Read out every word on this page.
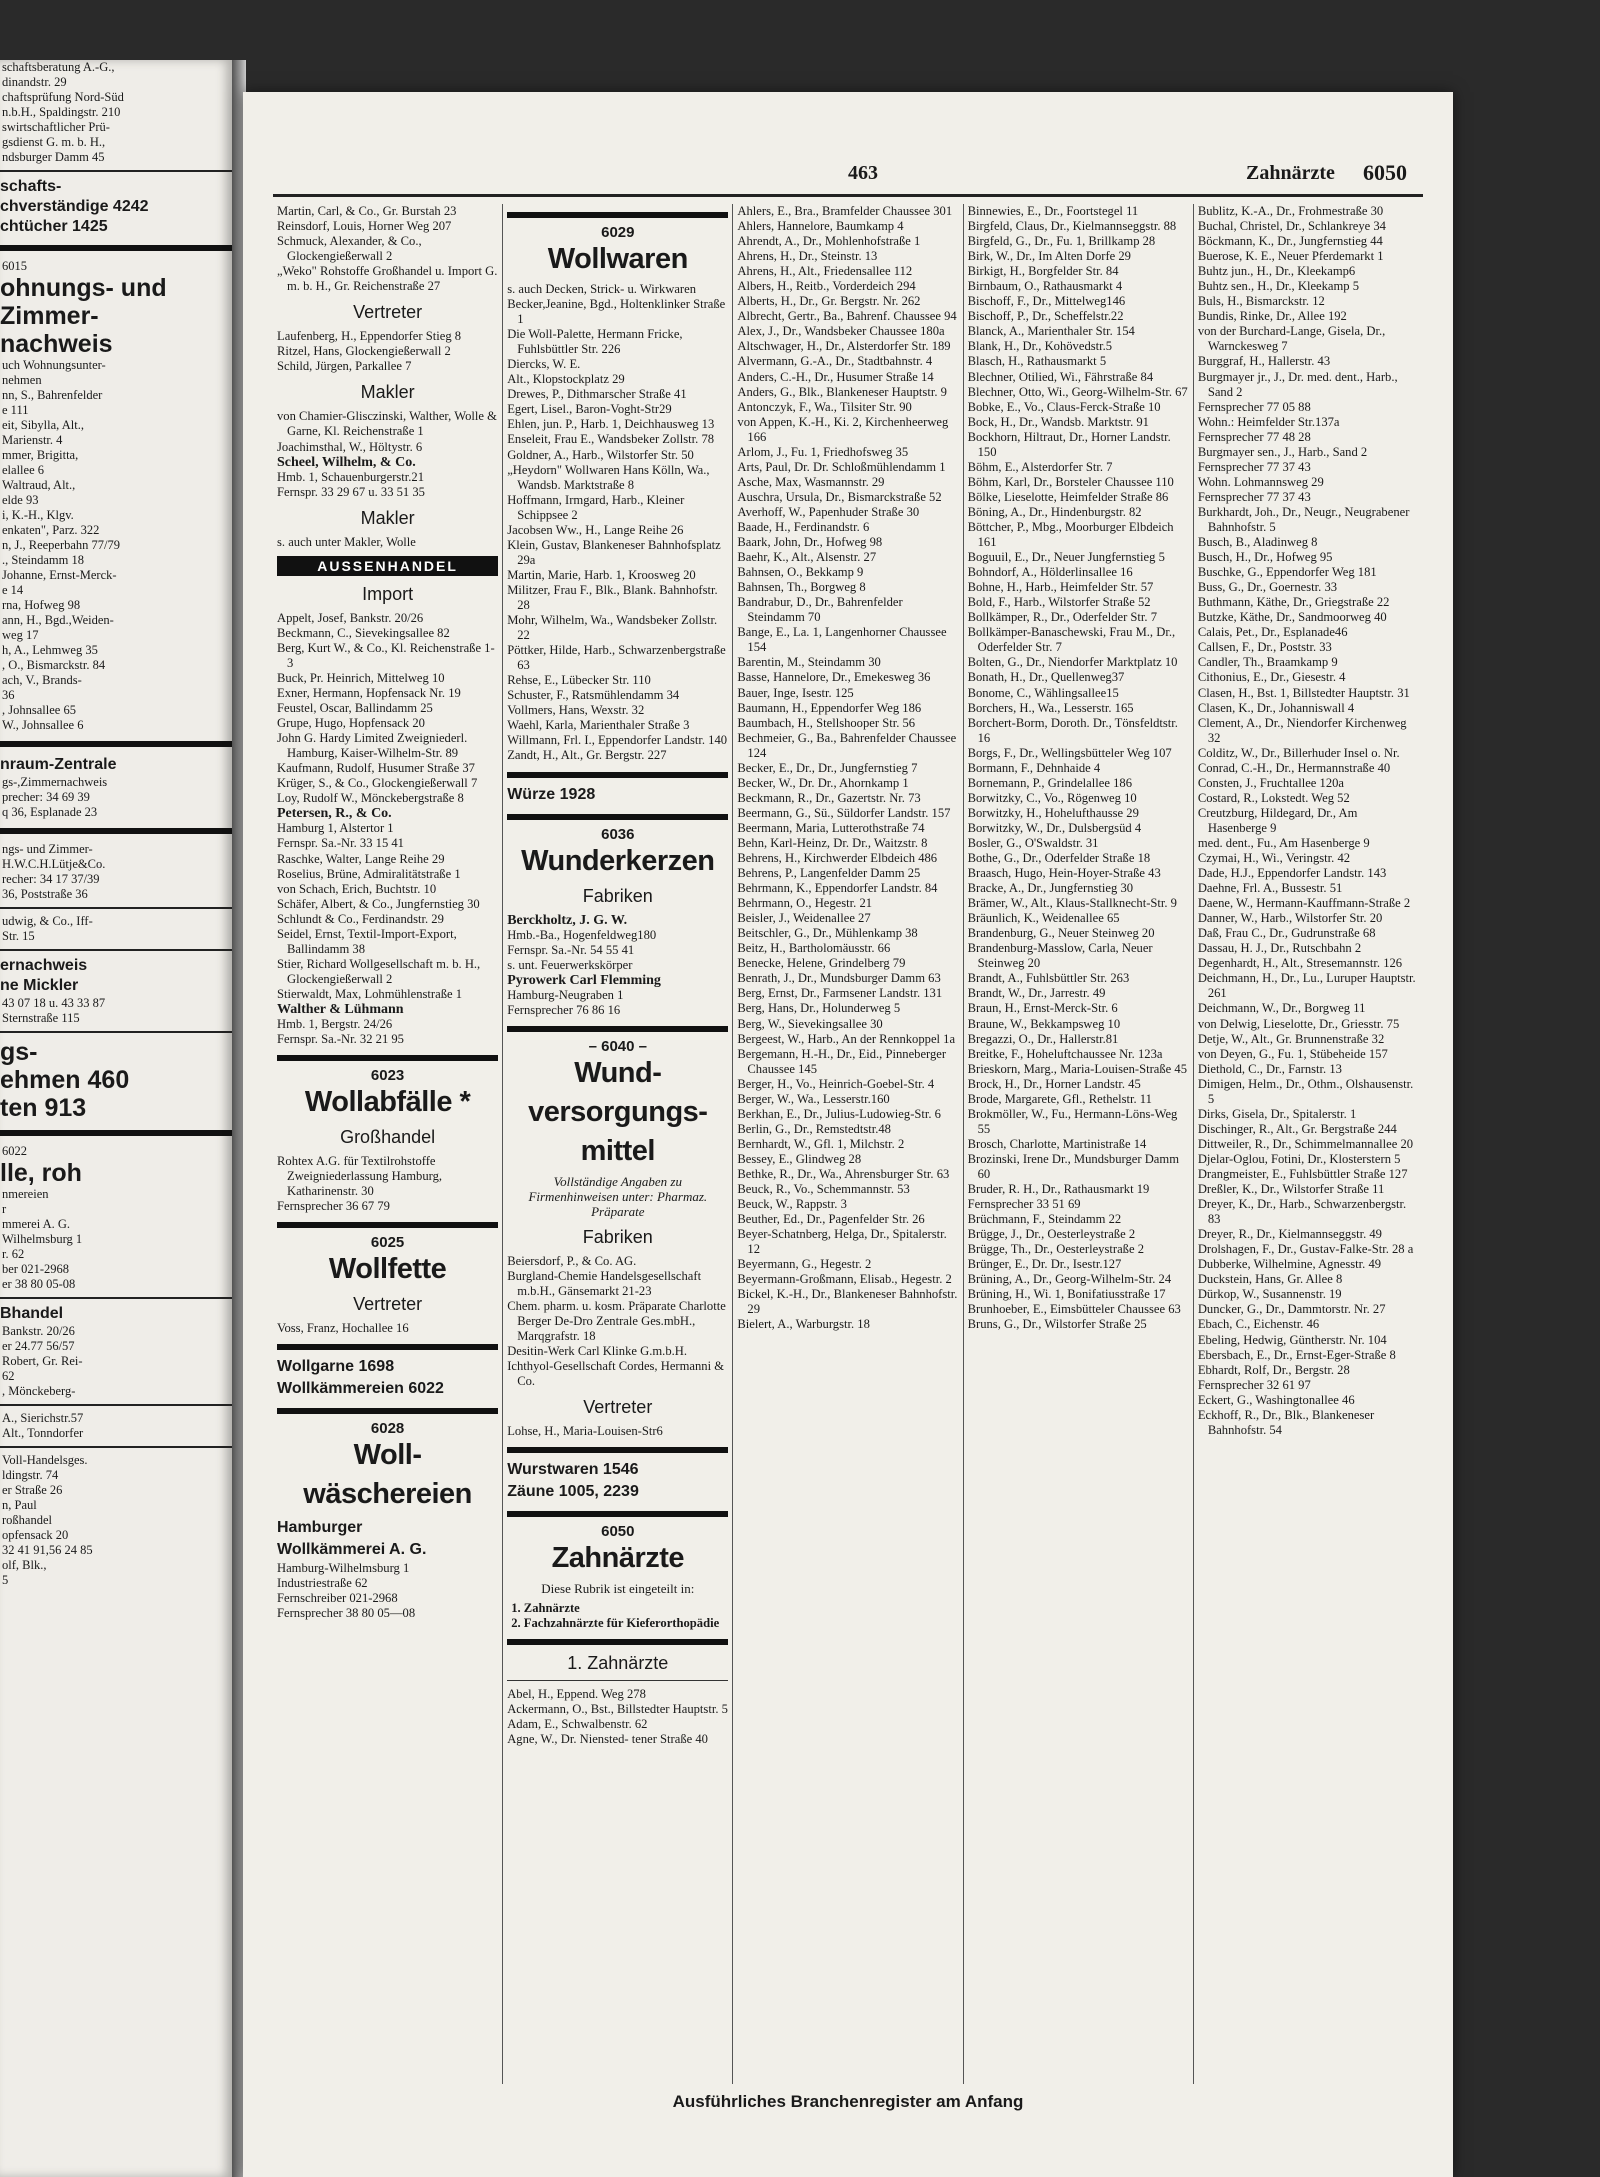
schaftsberatung A.-G.,
dinandstr. 29
chaftsprüfung Nord-Süd
n.b.H., Spaldingstr. 210
swirtschaftlicher Prü-
gsdienst G. m. b. H.,
ndsburger Damm 45
schafts-
chverständige 4242
chtücher 1425
6015
ohnungs- und
Zimmer-
nachweis
uch Wohnungsunter-
nehmen
nn, S., Bahrenfelder
e 111
eit, Sibylla, Alt.,
Marienstr. 4
mmer, Brigitta,
elallee 6
Waltraud, Alt.,
elde 93
i, K.-H., Klgv.
enkaten", Parz. 322
n, J., Reeperbahn 77/79
., Steindamm 18
Johanne, Ernst-Merck-
e 14
rna, Hofweg 98
ann, H., Bgd.,Weiden-
weg 17
h, A., Lehmweg 35
, O., Bismarckstr. 84
ach, V., Brands-
36
, Johnsallee 65
W., Johnsallee 6
nraum-Zentrale
gs-,Zimmernachweis
precher: 34 69 39
q 36, Esplanade 23
ngs- und Zimmer-
H.W.C.H.Lütje&Co.
recher: 34 17 37/39
36, Poststraße 36
udwig, & Co., Iff-
Str. 15
ernachweis
ne Mickler
43 07 18 u. 43 33 87
Sternstraße 115
gs-
ehmen 460
ten 913
6022
lle, roh
nmereien
r
mmerei A. G.
Wilhelmsburg 1
r. 62
ber 021-2968
er 38 80 05-08
Bhandel
Bankstr. 20/26
er 24.77 56/57
Robert, Gr. Rei-
62
, Mönckeberg-
A., Sierichstr.57
Alt., Tonndorfer
Voll-Handelsges.
ldingstr. 74
er Straße 26
n, Paul
roßhandel
opfensack 20
32 41 91,56 24 85
olf, Blk.,
5
463	Zahnärzte 6050
Martin, Carl, & Co., Gr. Burstah 23
Reinsdorf, Louis, Horner Weg 207
Schmuck, Alexander, & Co., Glockengießerwall 2
„Weko" Rohstoffe Großhandel u. Import G. m. b. H., Gr. Reichenstraße 27
Vertreter
Laufenberg, H., Eppendorfer Stieg 8
Ritzel, Hans, Glockengießerwall 2
Schild, Jürgen, Parkallee 7
Makler
von Chamier-Glisczinski, Walther, Wolle & Garne, Kl. Reichenstraße 1
Joachimsthal, W., Höltystr. 6
Scheel, Wilhelm, & Co.
Hmb. 1, Schauenburgerstr.21
Fernspr. 33 29 67 u. 33 51 35
Makler
s. auch unter Makler, Wolle
AUSSENHANDEL
Import
Appelt, Josef, Bankstr. 20/26
Beckmann, C., Sievekingsallee 82
Berg, Kurt W., & Co., Kl. Reichenstraße 1-3
Buck, Pr. Heinrich, Mittelweg 10
Exner, Hermann, Hopfensack Nr. 19
Feustel, Oscar, Ballindamm 25
Grupe, Hugo, Hopfensack 20
John G. Hardy Limited Zweigniederl. Hamburg, Kaiser-Wilhelm-Str. 89
Kaufmann, Rudolf, Husumer Straße 37
Krüger, S., & Co., Glockengießerwall 7
Loy, Rudolf W., Mönckebergstraße 8
Petersen, R., & Co.
Hamburg 1, Alstertor 1
Fernspr. Sa.-Nr. 33 15 41
Raschke, Walter, Lange Reihe 29
Roselius, Brüne, Admiralitätstraße 1
von Schach, Erich, Buchtstr. 10
Schäfer, Albert, & Co., Jungfernstieg 30
Schlundt & Co., Ferdinandstr. 29
Seidel, Ernst, Textil-Import-Export, Ballindamm 38
Stier, Richard Wollgesellschaft m. b. H., Glockengießerwall 2
Stierwaldt, Max, Lohmühlenstraße 1
Walther & Lühmann
Hmb. 1, Bergstr. 24/26
Fernspr. Sa.-Nr. 32 21 95
6023
Wollabfälle *
Großhandel
Rohtex A.G. für Textilrohstoffe Zweigniederlassung Hamburg, Katharinenstr. 30
Fernsprecher 36 67 79
6025
Wollfette
Vertreter
Voss, Franz, Hochallee 16
Wollgarne 1698
Wollkämmereien 6022
6028
Woll-
wäschereien
Hamburger
Wollkämmerei A. G.
Hamburg-Wilhelmsburg 1
Industriestraße 62
Fernschreiber 021-2968
Fernsprecher 38 80 05—08
6029
Wollwaren
s. auch Decken, Strick- u. Wirkwaren
Becker,Jeanine, Bgd., Holtenklinker Straße 1
Die Woll-Palette, Hermann Fricke, Fuhlsbüttler Str. 226
Diercks, W. E.
Alt., Klopstockplatz 29
Drewes, P., Dithmarscher Straße 41
Egert, Lisel., Baron-Voght-Str29
Ehlen, jun. P., Harb. 1, Deichhausweg 13
Enseleit, Frau E., Wandsbeker Zollstr. 78
Goldner, A., Harb., Wilstorfer Str. 50
„Heydorn" Wollwaren Hans Kölln, Wa., Wandsb. Marktstraße 8
Hoffmann, Irmgard, Harb., Kleiner Schippsee 2
Jacobsen Ww., H., Lange Reihe 26
Klein, Gustav, Blankeneser Bahnhofsplatz 29a
Martin, Marie, Harb. 1, Krooswеg 20
Militzer, Frau F., Blk., Blank. Bahnhofstr. 28
Mohr, Wilhelm, Wa., Wandsbeker Zollstr. 22
Pöttker, Hilde, Harb., Schwarzenbergstraße 63
Rehse, E., Lübecker Str. 110
Schuster, F., Ratsmühlendamm 34
Vollmers, Hans, Wexstr. 32
Waehl, Karla, Marienthaler Straße 3
Willmann, Frl. I., Eppendorfer Landstr. 140
Zandt, H., Alt., Gr. Bergstr. 227
Würze 1928
6036
Wunderkerzen
Fabriken
Berckholtz, J. G. W.
Hmb.-Ba., Hogenfeldweg180
Fernspr. Sa.-Nr. 54 55 41
s. unt. Feuerwerkskörper
Pyrowerk Carl Flemming
Hamburg-Neugraben 1
Fernsprecher 76 86 16
– 6040 –
Wund-
versorgungs-
mittel
Vollständige Angaben zu Firmenhinweisen unter: Pharmaz. Präparate
Fabriken
Beiersdorf, P., & Co. AG.
Burgland-Chemie Handelsgesellschaft m.b.H., Gänsemarkt 21-23
Chem. pharm. u. kosm. Präparate Charlotte Berger De-Dro Zentrale Ges.mbH., Marqgrafstr. 18
Desitin-Werk Carl Klinke G.m.b.H.
Ichthyol-Gesellschaft Cordes, Hermanni & Co.
Vertreter
Lohse, H., Maria-Louisen-Str6
Wurstwaren 1546
Zäune 1005, 2239
6050
Zahnärzte
Diese Rubrik ist eingeteilt in:
1. Zahnärzte
2. Fachzahnärzte für Kieferorthopädie
1. Zahnärzte
Abel, H., Eppend. Weg 278
Ackermann, O., Bst., Billstedter Hauptstr. 5
Adam, E., Schwalbenstr. 62
Agne, W., Dr. Niensted- tener Straße 40
Ahlers, E., Bra., Bramfelder Chaussee 301
Ahlers, Hannelore, Baumkamp 4
Ahrendt, A., Dr., Mohlenhofstraße 1
Ahrens, H., Dr., Steinstr. 13
Ahrens, H., Alt., Friedensallee 112
Albers, H., Reitb., Vorderdeich 294
Alberts, H., Dr., Gr. Bergstr. Nr. 262
Albrecht, Gertr., Ba., Bahrenf. Chaussee 94
Alex, J., Dr., Wandsbeker Chaussee 180a
Altschwager, H., Dr., Alsterdorfer Str. 189
Alvermann, G.-A., Dr., Stadtbahnstr. 4
Anders, C.-H., Dr., Husumer Straße 14
Anders, G., Blk., Blankeneser Hauptstr. 9
Antonczyk, F., Wa., Tilsiter Str. 90
von Appen, K.-H., Ki. 2, Kirchenheerweg 166
Arlom, J., Fu. 1, Friedhofsweg 35
Arts, Paul, Dr. Dr. Schloßmühlendamm 1
Asche, Max, Wasmannstr. 29
Auschra, Ursula, Dr., Bismarckstraße 52
Averhoff, W., Papenhuder Straße 30
Baade, H., Ferdinandstr. 6
Baark, John, Dr., Hofweg 98
Baehr, K., Alt., Alsenstr. 27
Bahnsen, O., Bekkamp 9
Bahnsen, Th., Borgweg 8
Bandrabur, D., Dr., Bahrenfelder Steindamm 70
Bange, E., La. 1, Langenhorner Chaussee 154
Barentin, M., Steindamm 30
Basse, Hannelore, Dr., Emekesweg 36
Bauer, Inge, Isestr. 125
Baumann, H., Eppendorfer Weg 186
Baumbach, H., Stellshooper Str. 56
Bechmeier, G., Ba., Bahrenfelder Chaussee 124
Becker, E., Dr., Dr., Jungfernstieg 7
Becker, W., Dr. Dr., Ahornkamp 1
Beckmann, R., Dr., Gazertstr. Nr. 73
Beermann, G., Sü., Süldorfer Landstr. 157
Beermann, Maria, Lutterothstraße 74
Behn, Karl-Heinz, Dr. Dr., Waitzstr. 8
Behrens, H., Kirchwerder Elbdeich 486
Behrens, P., Langenfelder Damm 25
Behrmann, K., Eppendorfer Landstr. 84
Behrmann, O., Hegestr. 21
Beisler, J., Weidenallee 27
Beitschler, G., Dr., Mühlenkamp 38
Beitz, H., Bartholomäusstr. 66
Benecke, Helene, Grindelberg 79
Benrath, J., Dr., Mundsburger Damm 63
Berg, Ernst, Dr., Farmsener Landstr. 131
Berg, Hans, Dr., Holunderweg 5
Berg, W., Sievekingsallee 30
Bergeest, W., Harb., An der Rennkoppel 1a
Bergemann, H.-H., Dr., Eid., Pinneberger Chaussee 145
Berger, H., Vo., Heinrich-Goebel-Str. 4
Berger, W., Wa., Lesserstr.160
Berkhan, E., Dr., Julius-Ludowieg-Str. 6
Berlin, G., Dr., Remstedtstr.48
Bernhardt, W., Gfl. 1, Milchstr. 2
Bessey, E., Glindweg 28
Bethke, R., Dr., Wa., Ahrensburger Str. 63
Beuck, R., Vo., Schemmannstr. 53
Beuck, W., Rappstr. 3
Beuther, Ed., Dr., Pagenfelder Str. 26
Beyer-Schatnberg, Helga, Dr., Spitalerstr. 12
Beyermann, G., Hegestr. 2
Beyermann-Großmann, Elisab., Hegestr. 2
Bickel, K.-H., Dr., Blankeneser Bahnhofstr. 29
Bielert, A., Warburgstr. 18
Binnewies, E., Dr., Foortstegel 11
Birgfeld, Claus, Dr., Kielmannseggstr. 88
Birgfeld, G., Dr., Fu. 1, Brillkamp 28
Birk, W., Dr., Im Alten Dorfe 29
Birkigt, H., Borgfelder Str. 84
Birnbaum, O., Rathausmarkt 4
Bischoff, F., Dr., Mittelweg146
Bischoff, P., Dr., Scheffelstr.22
Blanck, A., Marienthaler Str. 154
Blank, H., Dr., Kohövedstr.5
Blasch, H., Rathausmarkt 5
Blechner, Otilied, Wi., Fährstraße 84
Blechner, Otto, Wi., Georg-Wilhelm-Str. 67
Bobke, E., Vo., Claus-Ferck-Straße 10
Bock, H., Dr., Wandsb. Marktstr. 91
Bockhorn, Hiltraut, Dr., Horner Landstr. 150
Böhm, E., Alsterdorfer Str. 7
Böhm, Karl, Dr., Borsteler Chaussee 110
Bölke, Lieselotte, Heimfelder Straße 86
Böning, A., Dr., Hindenburgstr. 82
Böttcher, P., Mbg., Moorburger Elbdeich 161
Boguuil, E., Dr., Neuer Jungfernstieg 5
Bohndorf, A., Hölderlinsallee 16
Bohne, H., Harb., Heimfelder Str. 57
Bold, F., Harb., Wilstorfer Straße 52
Bollkämper, R., Dr., Oderfelder Str. 7
Bollkämper-Banaschewski, Frau M., Dr., Oderfelder Str. 7
Bolten, G., Dr., Niendorfer Marktplatz 10
Bonath, H., Dr., Quellenweg37
Bonome, C., Wählingsallee15
Borchers, H., Wa., Lesserstr. 165
Borchert-Borm, Doroth. Dr., Tönsfeldtstr. 16
Borgs, F., Dr., Wellingsbütteler Weg 107
Bormann, F., Dehnhaide 4
Bornemann, P., Grindelallee 186
Borwitzky, C., Vo., Rögenweg 10
Borwitzky, H., Hohelufthausse 29
Borwitzky, W., Dr., Dulsbergsüd 4
Bosler, G., O'Swaldstr. 31
Bothe, G., Dr., Oderfelder Straße 18
Braasch, Hugo, Hein-Hoyer-Straße 43
Bracke, A., Dr., Jungfernstieg 30
Brämer, W., Alt., Klaus-Stallknecht-Str. 9
Bräunlich, K., Weidenallee 65
Brandenburg, G., Neuer Steinweg 20
Brandenburg-Masslow, Carla, Neuer Steinweg 20
Brandt, A., Fuhlsbüttler Str. 263
Brandt, W., Dr., Jarrestr. 49
Braun, H., Ernst-Merck-Str. 6
Braune, W., Bekkampsweg 10
Bregazzi, O., Dr., Hallerstr.81
Breitke, F., Hoheluftchaussee Nr. 123a
Brieskorn, Marg., Maria-Louisen-Straße 45
Brock, H., Dr., Horner Landstr. 45
Brode, Margarete, Gfl., Rethelstr. 11
Brokmöller, W., Fu., Hermann-Löns-Weg 55
Brosch, Charlotte, Martinistraße 14
Brozinski, Irene Dr., Mundsburger Damm 60
Bruder, R. H., Dr., Rathausmarkt 19
Fernsprecher 33 51 69
Brüchmann, F., Steindamm 22
Brügge, J., Dr., Oesterleystraße 2
Brügge, Th., Dr., Oesterleystraße 2
Brünger, E., Dr. Dr., Isestr.127
Brüning, A., Dr., Georg-Wilhelm-Str. 24
Brüning, H., Wi. 1, Bonifatiusstraße 17
Brunhoeber, E., Eimsbütteler Chaussee 63
Bruns, G., Dr., Wilstorfer Straße 25
Bublitz, K.-A., Dr., Frohmestraße 30
Buchal, Christel, Dr., Schlankreye 34
Böckmann, K., Dr., Jungfernstieg 44
Buerose, K. E., Neuer Pferdemarkt 1
Buhtz jun., H., Dr., Kleekamp6
Buhtz sen., H., Dr., Kleekamp 5
Buls, H., Bismarckstr. 12
Bundis, Rinke, Dr., Allee 192
von der Burchard-Lange, Gisela, Dr., Warnckesweg 7
Burggraf, H., Hallerstr. 43
Burgmayer jr., J., Dr. med. dent., Harb., Sand 2
Fernsprecher 77 05 88
Wohn.: Heimfelder Str.137a
Fernsprecher 77 48 28
Burgmayer sen., J., Harb., Sand 2
Fernsprecher 77 37 43
Wohn. Lohmannsweg 29
Fernsprecher 77 37 43
Burkhardt, Joh., Dr., Neugr., Neugrabener Bahnhofstr. 5
Busch, B., Aladinweg 8
Busch, H., Dr., Hofweg 95
Buschke, G., Eppendorfer Weg 181
Buss, G., Dr., Goernestr. 33
Buthmann, Käthe, Dr., Griegstraße 22
Butzke, Käthe, Dr., Sandmoorweg 40
Calais, Pet., Dr., Esplanade46
Callsen, F., Dr., Poststr. 33
Candler, Th., Braamkamp 9
Cithonius, E., Dr., Giesestr. 4
Clasen, H., Bst. 1, Billstedter Hauptstr. 31
Clasen, K., Dr., Johanniswall 4
Clement, A., Dr., Niendorfer Kirchenweg 32
Colditz, W., Dr., Billerhuder Insel o. Nr.
Conrad, C.-H., Dr., Hermannstraße 40
Consten, J., Fruchtallee 120a
Costard, R., Lokstedt. Weg 52
Creutzburg, Hildegard, Dr., Am Hasenberge 9
med. dent., Fu., Am Hasenberge 9
Czymai, H., Wi., Veringstr. 42
Dade, H.J., Eppendorfer Landstr. 143
Daehne, Frl. A., Bussestr. 51
Daene, W., Hermann-Kauffmann-Straße 2
Danner, W., Harb., Wilstorfer Str. 20
Daß, Frau C., Dr., Gudrunstraße 68
Dassau, H. J., Dr., Rutschbahn 2
Degenhardt, H., Alt., Stresemannstr. 126
Deichmann, H., Dr., Lu., Luruper Hauptstr. 261
Deichmann, W., Dr., Borgweg 11
von Delwig, Lieselotte, Dr., Griesstr. 75
Detje, W., Alt., Gr. Brunnenstraße 32
von Deyen, G., Fu. 1, Stübeheide 157
Diethold, C., Dr., Farnstr. 13
Dimigen, Helm., Dr., Othm., Olshausenstr. 5
Dirks, Gisela, Dr., Spitalerstr. 1
Dischinger, R., Alt., Gr. Bergstraße 244
Dittweiler, R., Dr., Schimmelmannallee 20
Djelar-Oglou, Fotini, Dr., Klosterstern 5
Drangmeister, E., Fuhlsbüttler Straße 127
Dreßler, K., Dr., Wilstorfer Straße 11
Dreyer, K., Dr., Harb., Schwarzenbergstr. 83
Dreyer, R., Dr., Kielmannseggstr. 49
Drolshagen, F., Dr., Gustav-Falke-Str. 28 a
Dubberke, Wilhelmine, Agnesstr. 49
Duckstein, Hans, Gr. Allee 8
Dürkop, W., Susannenstr. 19
Duncker, G., Dr., Dammtorstr. Nr. 27
Ebach, C., Eichenstr. 46
Ebeling, Hedwig, Güntherstr. Nr. 104
Ebersbach, E., Dr., Ernst-Eger-Straße 8
Ebhardt, Rolf, Dr., Bergstr. 28
Fernsprecher 32 61 97
Eckert, G., Washingtonallee 46
Eckhoff, R., Dr., Blk., Blankeneser Bahnhofstr. 54
Ausführliches Branchenregister am Anfang
